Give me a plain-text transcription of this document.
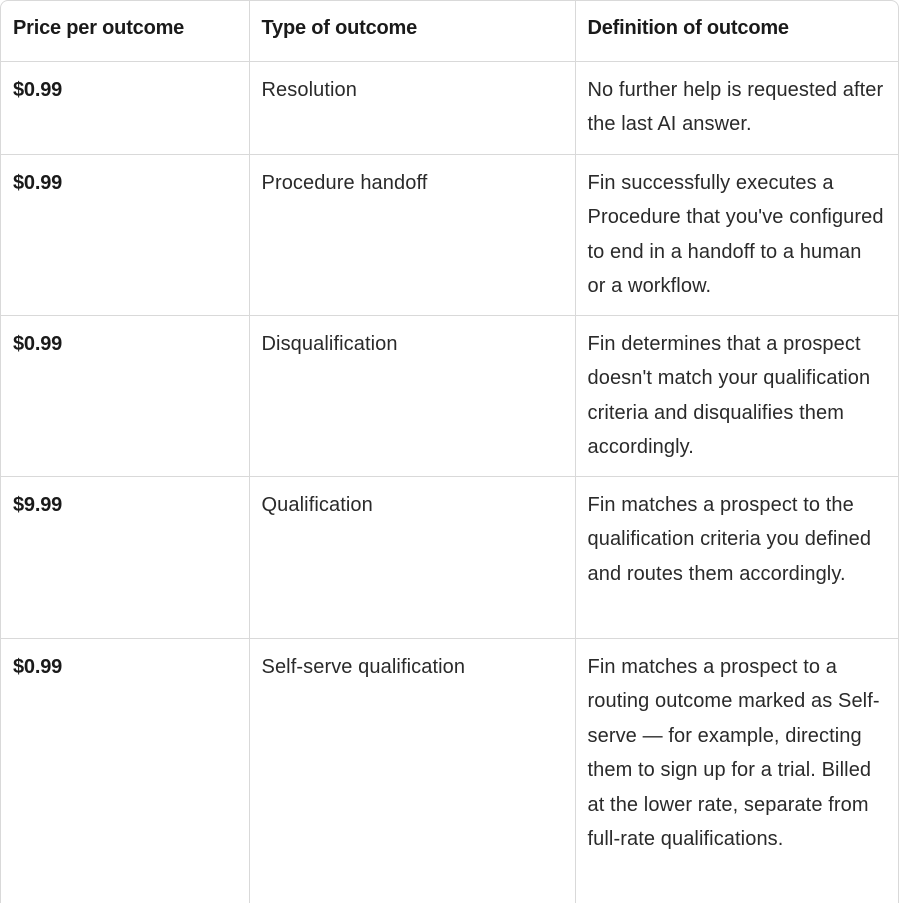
Price per outcome	Type of outcome	Definition of outcome
$0.99	Resolution	No further help is requested after the last AI answer.
$0.99	Procedure handoff	Fin successfully executes a Procedure that you've configured to end in a handoff to a human or a workflow.
$0.99	Disqualification	Fin determines that a prospect doesn't match your qualification criteria and disqualifies them accordingly.
$9.99	Qualification	Fin matches a prospect to the qualification criteria you defined and routes them accordingly.
$0.99	Self-serve qualification	Fin matches a prospect to a routing outcome marked as Self-serve — for example, directing them to sign up for a trial. Billed at the lower rate, separate from full-rate qualifications.
